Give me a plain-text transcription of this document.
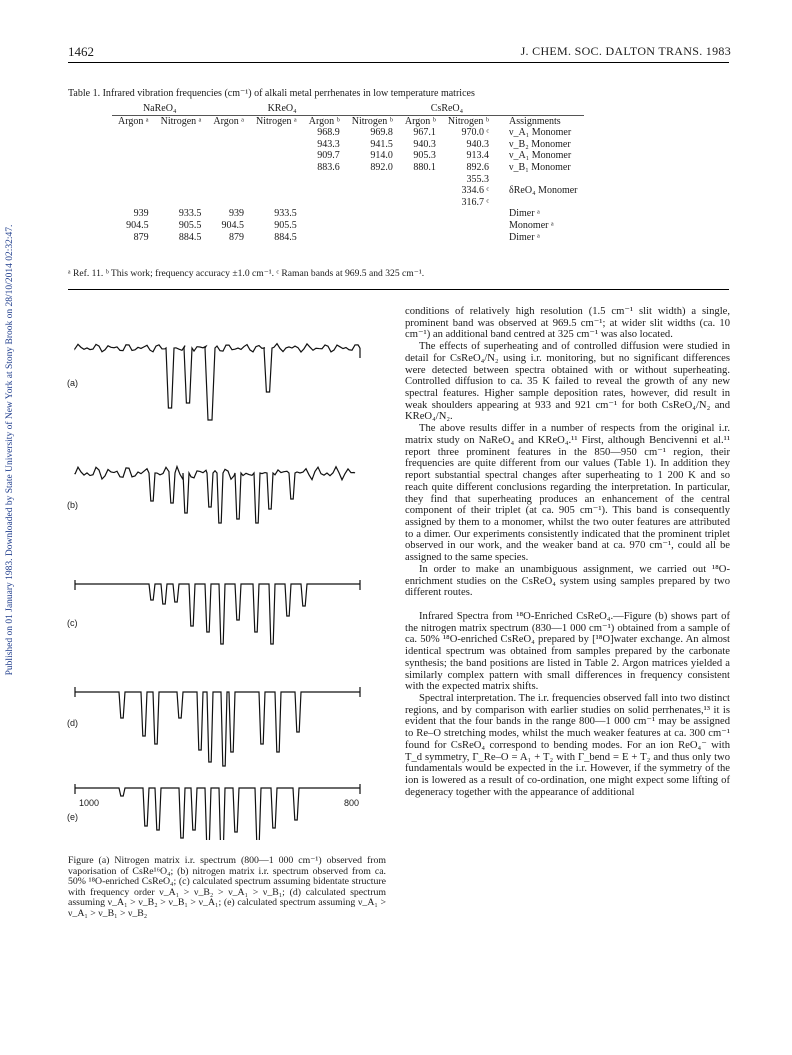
Published on 01 January 1983. Downloaded by State University of New York at Stony Brook on 28/10/2014 02:32:47.
1462	J. CHEM. SOC. DALTON TRANS. 1983
Table 1. Infrared vibration frequencies (cm⁻¹) of alkali metal perrhenates in low temperature matrices
NaReO₄		KReO₄				CsReO₄		
Argon ᵃ	Nitrogen ᵃ	Argon ᵃ	Nitrogen ᵃ	Argon ᵇ	Nitrogen ᵇ	Argon ᵇ	Nitrogen ᵇ	Assignments
				968.9	969.8	967.1	970.0 ᶜ	ν_A₁ Monomer
				943.3	941.5	940.3	940.3	ν_B₂ Monomer
				909.7	914.0	905.3	913.4	ν_A₁ Monomer
				883.6	892.0	880.1	892.6	ν_B₁ Monomer
							355.3	
							334.6 ᶜ	δReO₄ Monomer
							316.7 ᶜ	
939	933.5	939	933.5					Dimer ᵃ
904.5	905.5	904.5	905.5					Monomer ᵃ
879	884.5	879	884.5					Dimer ᵃ
ᵃ Ref. 11. ᵇ This work; frequency accuracy ±1.0 cm⁻¹. ᶜ Raman bands at 969.5 and 325 cm⁻¹.
(a)
(b)
(c)
(d)
(e)
1000	800
Figure (a) Nitrogen matrix i.r. spectrum (800—1 000 cm⁻¹) observed from vaporisation of CsRe¹⁶O₄; (b) nitrogen matrix i.r. spectrum observed from ca. 50% ¹⁸O-enriched CsReO₄; (c) calculated spectrum assuming bidentate structure with frequency order ν_A₁ > ν_B₂ > ν_A₁ > ν_B₁; (d) calculated spectrum assuming ν_A₁ > ν_B₂ > ν_B₁ > ν_A₁; (e) calculated spectrum assuming ν_A₁ > ν_A₁ > ν_B₁ > ν_B₂

conditions of relatively high resolution (1.5 cm⁻¹ slit width) a single, prominent band was observed at 969.5 cm⁻¹; at wider slit widths (ca. 10 cm⁻¹) an additional band centred at 325 cm⁻¹ was also located.

The effects of superheating and of controlled diffusion were studied in detail for CsReO₄/N₂ using i.r. monitoring, but no significant differences were detected between spectra obtained with or without superheating. Controlled diffusion to ca. 35 K failed to reveal the growth of any new spectral features. Higher sample deposition rates, however, did result in weak shoulders appearing at 933 and 921 cm⁻¹ for both CsReO₄/N₂ and KReO₄/N₂.

The above results differ in a number of respects from the original i.r. matrix study on NaReO₄ and KReO₄.¹¹ First, although Bencivenni et al.¹¹ report three prominent features in the 850—950 cm⁻¹ region, their frequencies are quite different from our values (Table 1). In addition they report substantial spectral changes after superheating to 1 200 K and so reach quite different conclusions regarding the interpretation. In particular, they find that superheating produces an enhancement of the central component of their triplet (at ca. 905 cm⁻¹). This band is consequently assigned by them to a monomer, whilst the two outer features are attributed to a dimer. Our experiments consistently indicated that the prominent triplet observed in our work, and the weaker band at ca. 970 cm⁻¹, could all be assigned to the same species.

In order to make an unambiguous assignment, we carried out ¹⁸O-enrichment studies on the CsReO₄ system using samples prepared by two different routes.

Infrared Spectra from ¹⁸O-Enriched CsReO₄.—Figure (b) shows part of the nitrogen matrix spectrum (830—1 000 cm⁻¹) obtained from a sample of ca. 50% ¹⁸O-enriched CsReO₄ prepared by [¹⁸O]water exchange. An almost identical spectrum was obtained from samples prepared by the carbonate synthesis; the band positions are listed in Table 2. Argon matrices yielded a similarly complex pattern with small differences in frequency consistent with the expected matrix shifts.

Spectral interpretation. The i.r. frequencies observed fall into two distinct regions, and by comparison with earlier studies on solid perrhenates,¹³ it is evident that the four bands in the range 800—1 000 cm⁻¹ may be assigned to Re–O stretching modes, whilst the much weaker features at ca. 300 cm⁻¹ found for CsReO₄ correspond to bending modes. For an ion ReO₄⁻ with T_d symmetry, Γ_Re–O = A₁ + T₂ with Γ_bend = E + T₂ and thus only two fundamentals would be expected in the i.r. However, if the symmetry of the ion is lowered as a result of co-ordination, one might expect some lifting of degeneracy together with the appearance of additional
